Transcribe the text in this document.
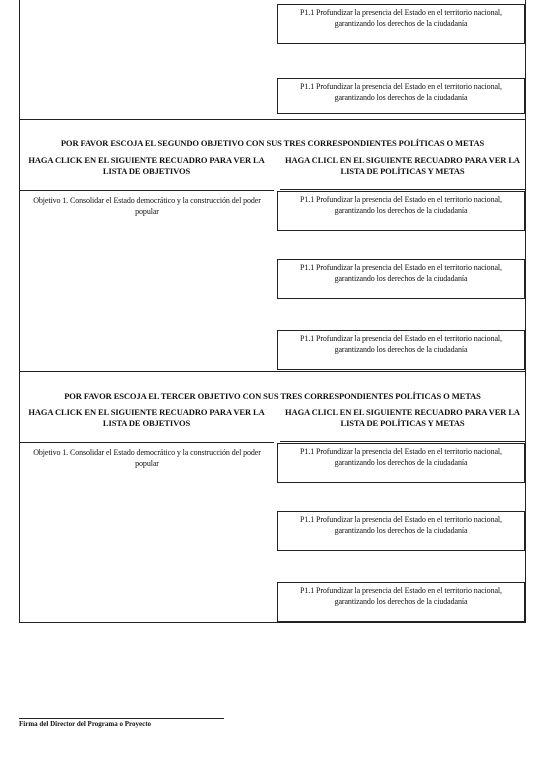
P1.1 Profundizar la presencia del Estado en el territorio nacional, garantizando los derechos de la ciudadanía
P1.1 Profundizar la presencia del Estado en el territorio nacional, garantizando los derechos de la ciudadanía
POR FAVOR ESCOJA EL SEGUNDO OBJETIVO CON SUS TRES CORRESPONDIENTES POLÍTICAS O METAS
HAGA CLICK EN EL SIGUIENTE RECUADRO PARA VER LA LISTA DE OBJETIVOS
HAGA CLICL EN EL SIGUIENTE RECUADRO PARA VER LA LISTA DE POLÍTICAS Y METAS
Objetivo 1. Consolidar el Estado democrático y la construcción del poder popular
P1.1 Profundizar la presencia del Estado en el territorio nacional, garantizando los derechos de la ciudadanía
P1.1 Profundizar la presencia del Estado en el territorio nacional, garantizando los derechos de la ciudadanía
P1.1 Profundizar la presencia del Estado en el territorio nacional, garantizando los derechos de la ciudadanía
POR FAVOR ESCOJA EL TERCER OBJETIVO CON SUS TRES CORRESPONDIENTES POLÍTICAS O METAS
HAGA CLICK EN EL SIGUIENTE RECUADRO PARA VER LA LISTA DE OBJETIVOS
HAGA CLICL EN EL SIGUIENTE RECUADRO PARA VER LA LISTA DE POLÍTICAS Y METAS
Objetivo 1. Consolidar el Estado democrático y la construcción del poder popular
P1.1 Profundizar la presencia del Estado en el territorio nacional, garantizando los derechos de la ciudadanía
P1.1 Profundizar la presencia del Estado en el territorio nacional, garantizando los derechos de la ciudadanía
P1.1 Profundizar la presencia del Estado en el territorio nacional, garantizando los derechos de la ciudadanía
Firma del Director del Programa o Proyecto
